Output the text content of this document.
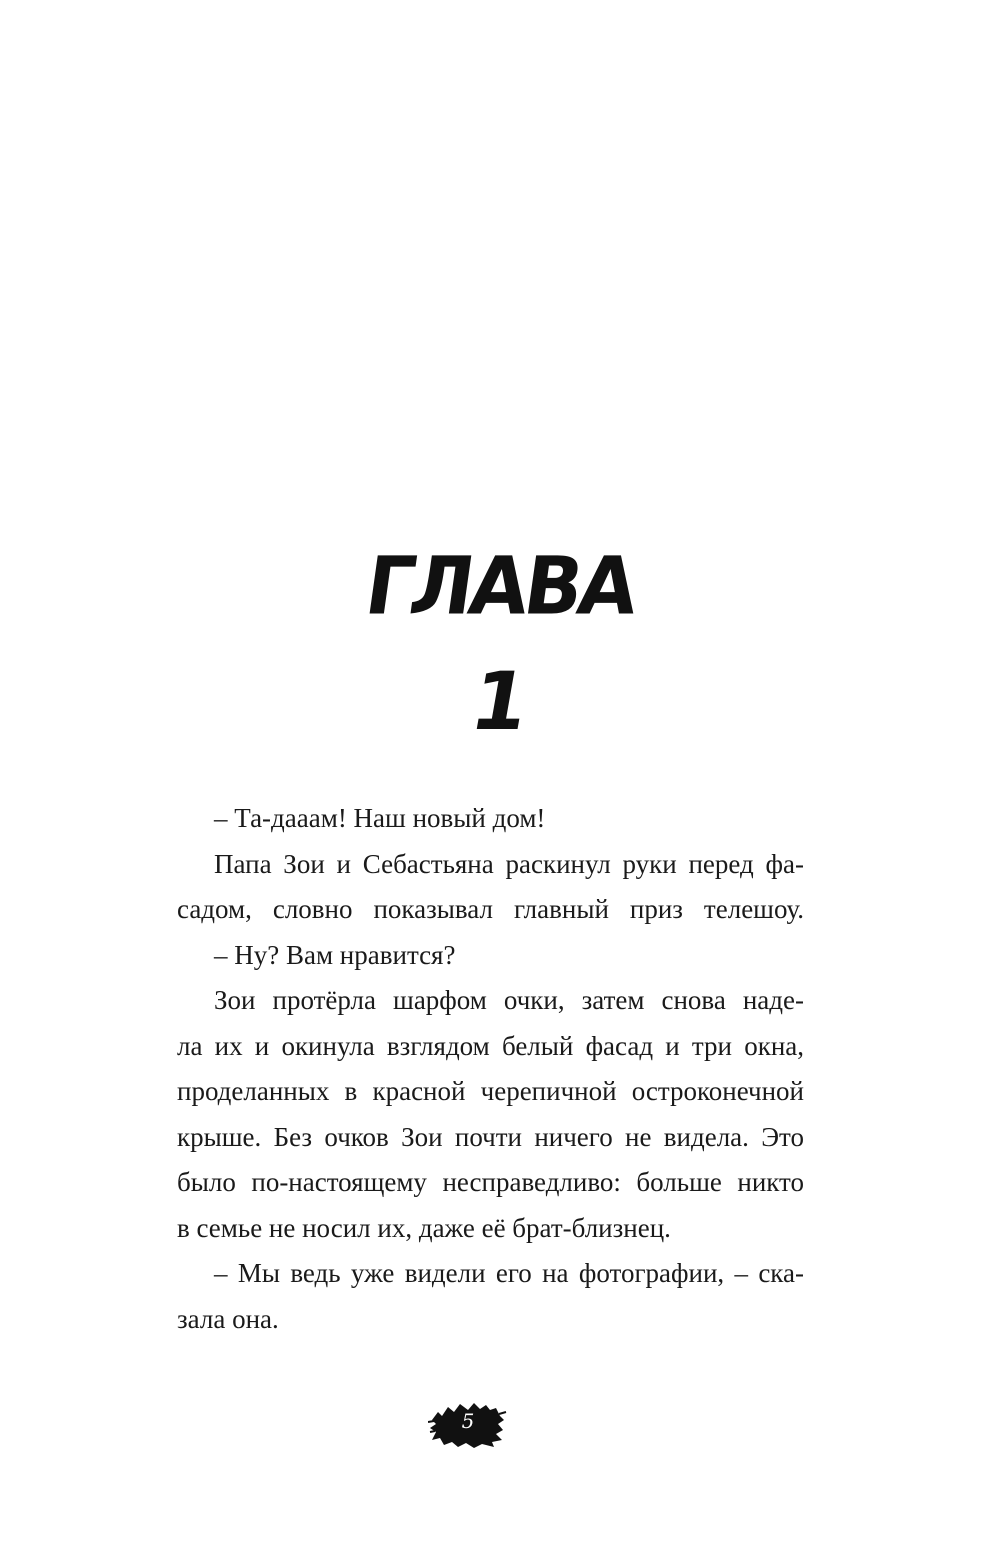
ГЛАВА
1
– Та-дааам! Наш новый дом!
Папа Зои и Себастьяна раскинул руки перед фа-
садом, словно показывал главный приз телешоу.
– Ну? Вам нравится?
Зои протёрла шарфом очки, затем снова наде-
ла их и окинула взглядом белый фасад и три окна,
проделанных в красной черепичной остроконечной
крыше. Без очков Зои почти ничего не видела. Это
было по-настоящему несправедливо: больше никто
в семье не носил их, даже её брат-близнец.
– Мы ведь уже видели его на фотографии, – ска-
зала она.
5
